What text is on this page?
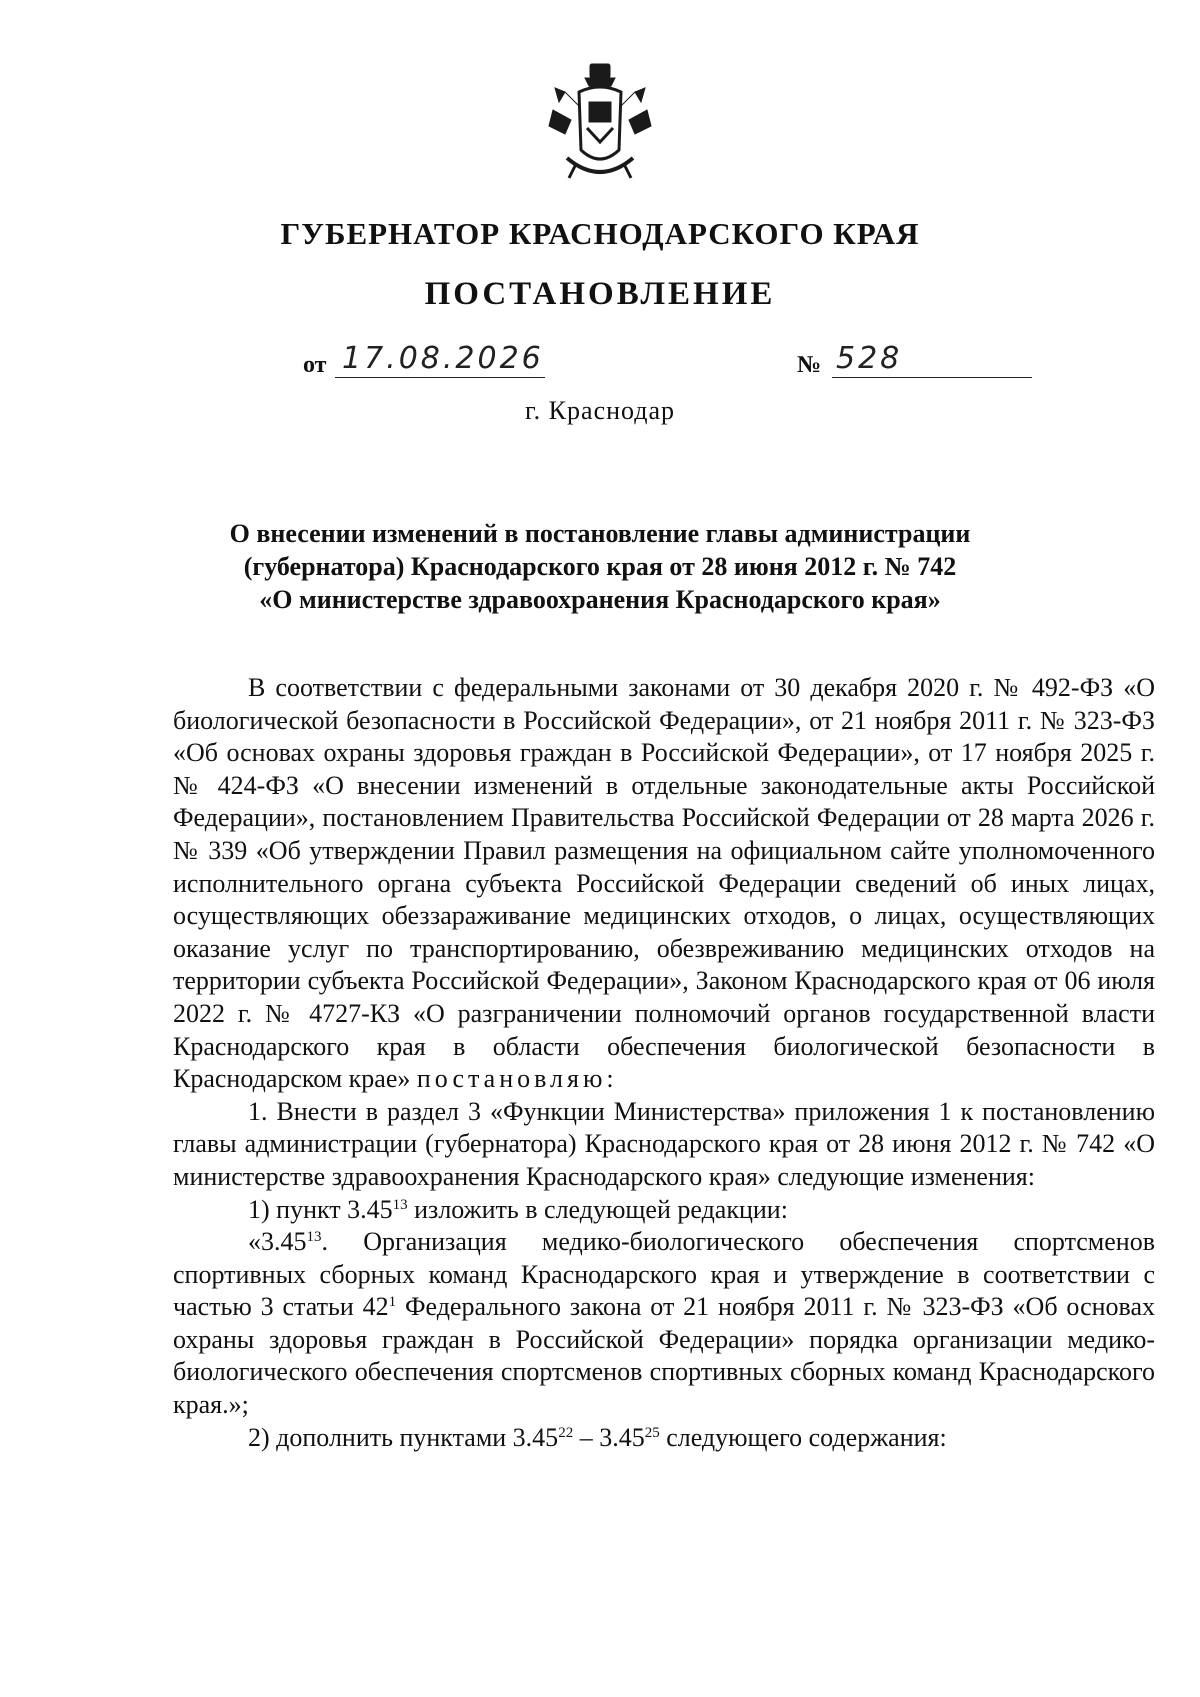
ГУБЕРНАТОР КРАСНОДАРСКОГО КРАЯ
ПОСТАНОВЛЕНИЕ
от 17.08.2026	№ 528
г. Краснодар
О внесении изменений в постановление главы администрации
(губернатора) Краснодарского края от 28 июня 2012 г. № 742
«О министерстве здравоохранения Краснодарского края»

В соответствии с федеральными законами от 30 декабря 2020 г. № 492-ФЗ «О биологической безопасности в Российской Федерации», от 21 ноября 2011 г. № 323-ФЗ «Об основах охраны здоровья граждан в Российской Федерации», от 17 ноября 2025 г. № 424-ФЗ «О внесении изменений в отдельные законодательные акты Российской Федерации», постановлением Правительства Российской Федерации от 28 марта 2026 г. № 339 «Об утверждении Правил размещения на официальном сайте уполномоченного исполнительного органа субъекта Российской Федерации сведений об иных лицах, осуществляющих обеззараживание медицинских отходов, о лицах, осуществляющих оказание услуг по транспортированию, обезвреживанию медицинских отходов на территории субъекта Российской Федерации», Законом Краснодарского края от 06 июля 2022 г. № 4727-КЗ «О разграничении полномочий органов государственной власти Краснодарского края в области обеспечения биологической безопасности в Краснодарском крае» постановляю:

1. Внести в раздел 3 «Функции Министерства» приложения 1 к постановлению главы администрации (губернатора) Краснодарского края от 28 июня 2012 г. № 742 «О министерстве здравоохранения Краснодарского края» следующие изменения:

1) пункт 3.45$^{13}$ изложить в следующей редакции:

«3.45$^{13}$. Организация медико-биологического обеспечения спортсменов спортивных сборных команд Краснодарского края и утверждение в соответствии с частью 3 статьи $42^1$ Федерального закона от 21 ноября 2011 г. № 323-ФЗ «Об основах охраны здоровья граждан в Российской Федерации» порядка организации медико-биологического обеспечения спортсменов спортивных сборных команд Краснодарского края.»;

2) дополнить пунктами 3.45$^{22}$ – 3.45$^{25}$ следующего содержания:
